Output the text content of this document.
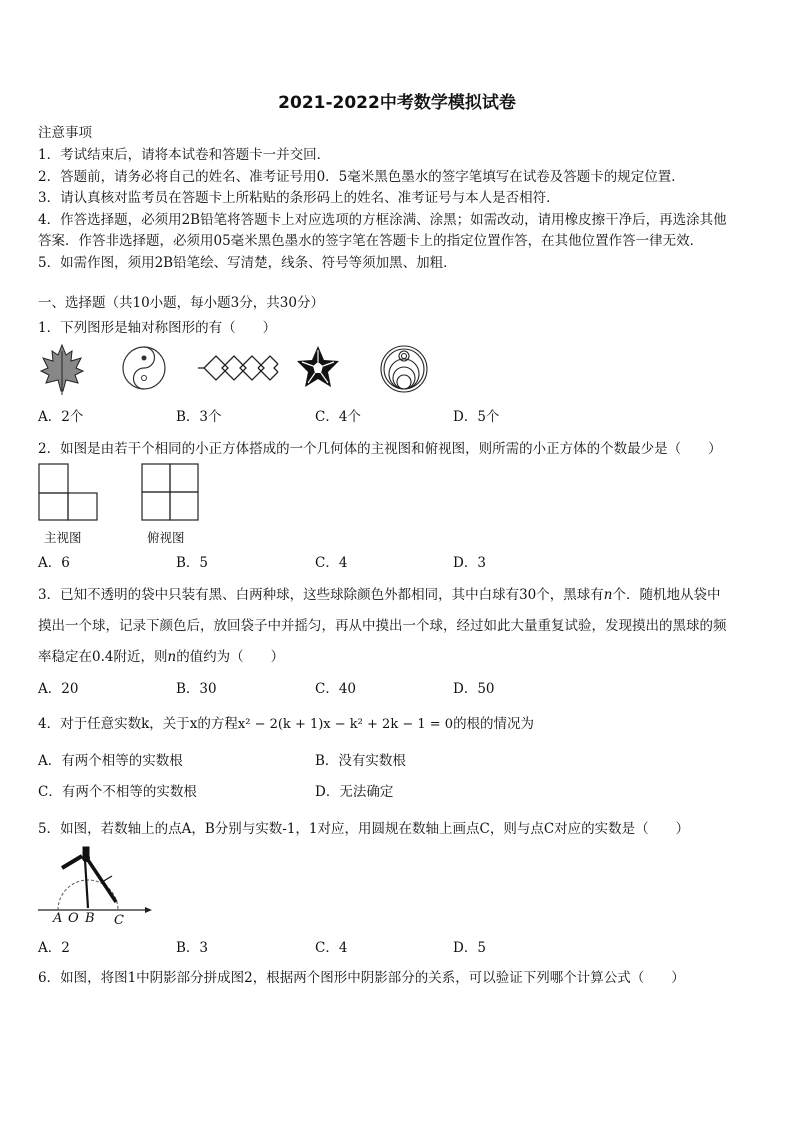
2021-2022中考数学模拟试卷
注意事项
1．考试结束后，请将本试卷和答题卡一并交回．
2．答题前，请务必将自己的姓名、准考证号用0．5毫米黑色墨水的签字笔填写在试卷及答题卡的规定位置．
3．请认真核对监考员在答题卡上所粘贴的条形码上的姓名、准考证号与本人是否相符．
4．作答选择题，必须用2B铅笔将答题卡上对应选项的方框涂满、涂黑；如需改动，请用橡皮擦干净后，再选涂其他
答案．作答非选择题，必须用05毫米黑色墨水的签字笔在答题卡上的指定位置作答，在其他位置作答一律无效．
5．如需作图，须用2B铅笔绘、写清楚，线条、符号等须加黑、加粗．
一、选择题（共10小题，每小题3分，共30分）
1．下列图形是轴对称图形的有（　　）
A．2个	B．3个	C．4个	D．5个
2．如图是由若干个相同的小正方体搭成的一个几何体的主视图和俯视图，则所需的小正方体的个数最少是（　　）
主视图	俯视图
A．6	B．5	C．4	D．3
3．已知不透明的袋中只装有黑、白两种球，这些球除颜色外都相同，其中白球有30个，黑球有n个．随机地从袋中
摸出一个球，记录下颜色后，放回袋子中并摇匀，再从中摸出一个球，经过如此大量重复试验，发现摸出的黑球的频
率稳定在0.4附近，则n的值约为（　　）
A．20	B．30	C．40	D．50
4．对于任意实数k，关于x的方程x² − 2(k + 1)x − k² + 2k − 1 = 0的根的情况为
A．有两个相等的实数根	B．没有实数根
C．有两个不相等的实数根	D．无法确定
5．如图，若数轴上的点A，B分别与实数-1，1对应，用圆规在数轴上画点C，则与点C对应的实数是（　　）
A O B C
A．2	B．3	C．4	D．5
6．如图，将图1中阴影部分拼成图2，根据两个图形中阴影部分的关系，可以验证下列哪个计算公式（　　）
